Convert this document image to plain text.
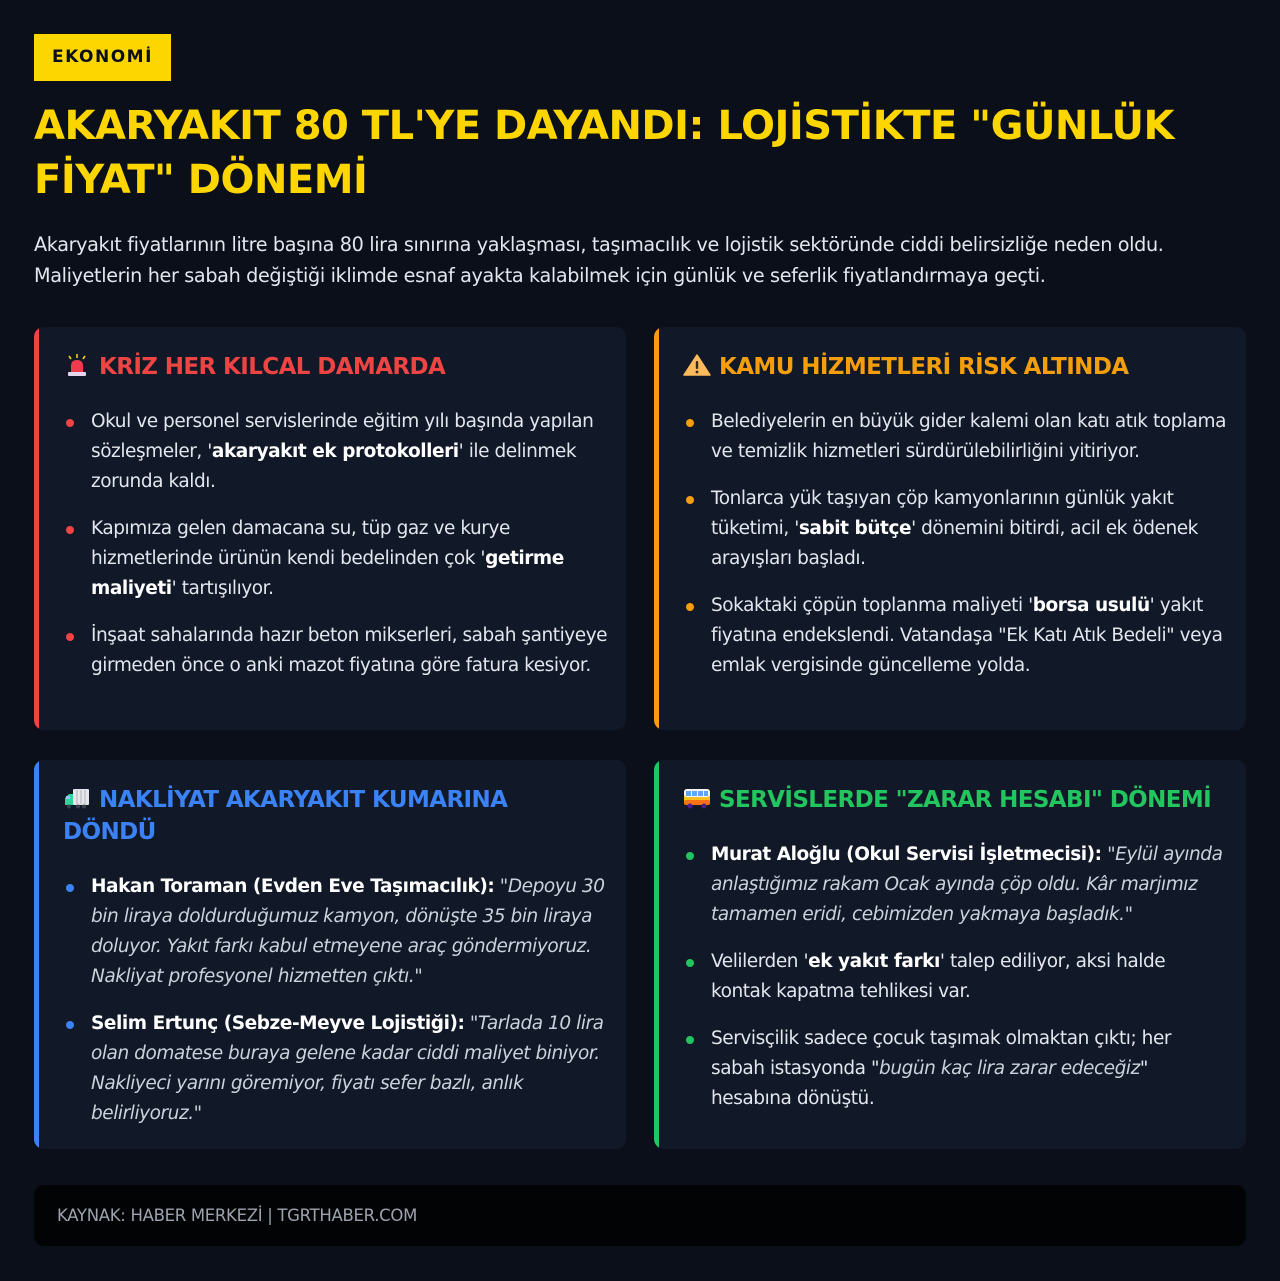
EKONOMİ
AKARYAKIT 80 TL'YE DAYANDI: LOJİSTİKTE "GÜNLÜK FİYAT" DÖNEMİ

Akaryakıt fiyatlarının litre başına 80 lira sınırına yaklaşması, taşımacılık ve lojistik sektöründe ciddi belirsizliğe neden oldu. Maliyetlerin her sabah değiştiği iklimde esnaf ayakta kalabilmek için günlük ve seferlik fiyatlandırmaya geçti.

KRİZ HER KILCAL DAMARDA
Okul ve personel servislerinde eğitim yılı başında yapılan sözleşmeler, 'akaryakıt ek protokolleri' ile delinmek zorunda kaldı.
Kapımıza gelen damacana su, tüp gaz ve kurye hizmetlerinde ürünün kendi bedelinden çok 'getirme maliyeti' tartışılıyor.
İnşaat sahalarında hazır beton mikserleri, sabah şantiyeye girmeden önce o anki mazot fiyatına göre fatura kesiyor.
KAMU HİZMETLERİ RİSK ALTINDA
Belediyelerin en büyük gider kalemi olan katı atık toplama ve temizlik hizmetleri sürdürülebilirliğini yitiriyor.
Tonlarca yük taşıyan çöp kamyonlarının günlük yakıt tüketimi, 'sabit bütçe' dönemini bitirdi, acil ek ödenek arayışları başladı.
Sokaktaki çöpün toplanma maliyeti 'borsa usulü' yakıt fiyatına endekslendi. Vatandaşa "Ek Katı Atık Bedeli" veya emlak vergisinde güncelleme yolda.
NAKLİYAT AKARYAKIT KUMARINA DÖNDÜ
Hakan Toraman (Evden Eve Taşımacılık): "Depoyu 30 bin liraya doldurduğumuz kamyon, dönüşte 35 bin liraya doluyor. Yakıt farkı kabul etmeyene araç göndermiyoruz. Nakliyat profesyonel hizmetten çıktı."
Selim Ertunç (Sebze-Meyve Lojistiği): "Tarlada 10 lira olan domatese buraya gelene kadar ciddi maliyet biniyor. Nakliyeci yarını göremiyor, fiyatı sefer bazlı, anlık belirliyoruz."
SERVİSLERDE "ZARAR HESABI" DÖNEMİ
Murat Aloğlu (Okul Servisi İşletmecisi): "Eylül ayında anlaştığımız rakam Ocak ayında çöp oldu. Kâr marjımız tamamen eridi, cebimizden yakmaya başladık."
Velilerden 'ek yakıt farkı' talep ediliyor, aksi halde kontak kapatma tehlikesi var.
Servisçilik sadece çocuk taşımak olmaktan çıktı; her sabah istasyonda "bugün kaç lira zarar edeceğiz" hesabına dönüştü.
KAYNAK: HABER MERKEZİ | TGRTHABER.COM
